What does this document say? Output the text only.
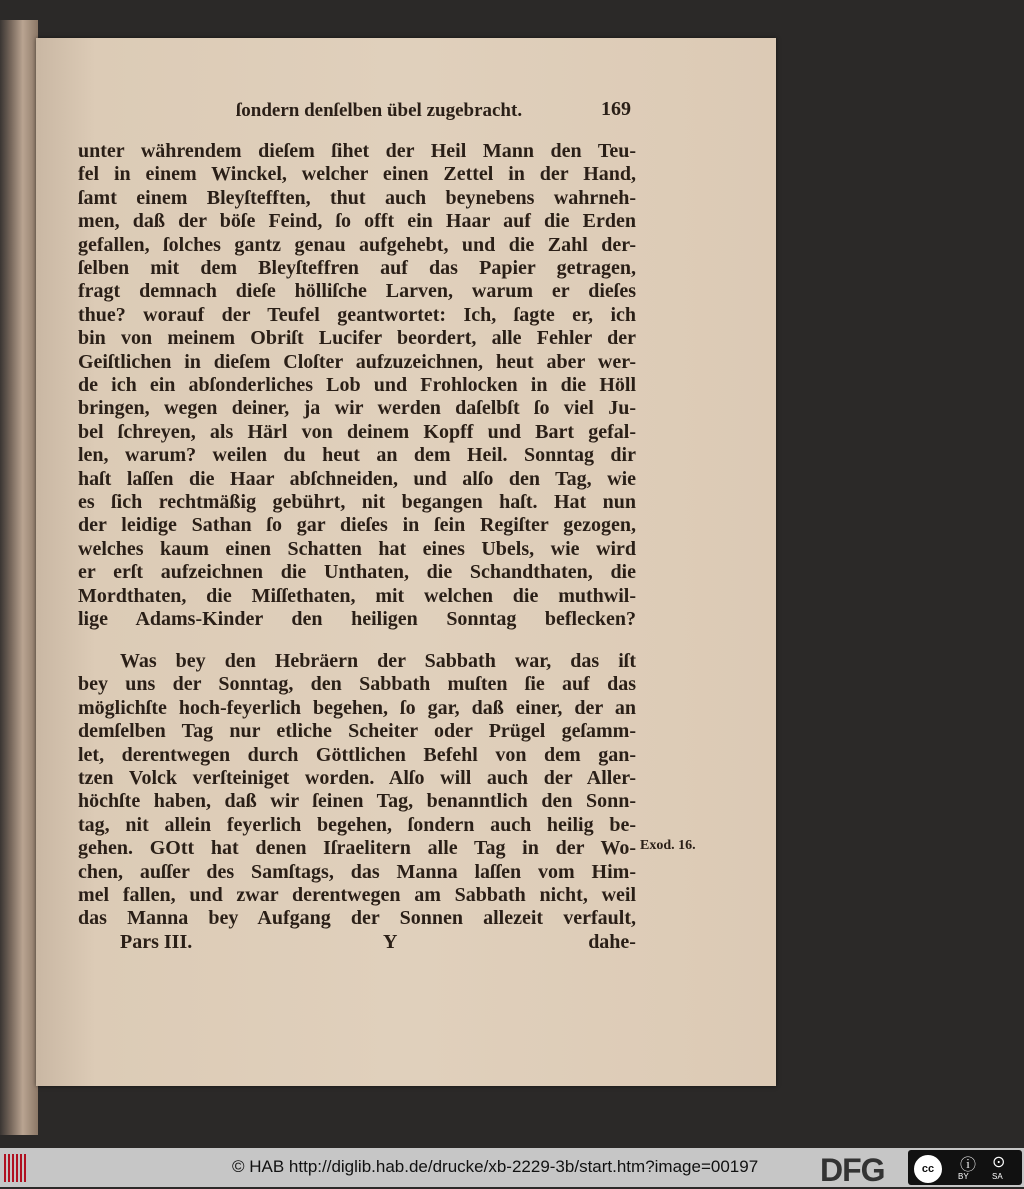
ſondern denſelben übel zugebracht.	169
unter währendem dieſem ſihet der Heil Mann den Teu-
fel in einem Winckel, welcher einen Zettel in der Hand,
ſamt einem Bleyſtefften, thut auch beynebens wahrneh-
men, daß der böſe Feind, ſo offt ein Haar auf die Erden
gefallen, ſolches gantz genau aufgehebt, und die Zahl der-
ſelben mit dem Bleyſteffren auf das Papier getragen,
fragt demnach dieſe hölliſche Larven, warum er dieſes
thue? worauf der Teufel geantwortet: Ich, ſagte er, ich
bin von meinem Obriſt Lucifer beordert, alle Fehler der
Geiſtlichen in dieſem Cloſter aufzuzeichnen, heut aber wer-
de ich ein abſonderliches Lob und Frohlocken in die Höll
bringen, wegen deiner, ja wir werden daſelbſt ſo viel Ju-
bel ſchreyen, als Härl von deinem Kopff und Bart gefal-
len, warum? weilen du heut an dem Heil. Sonntag dir
haſt laſſen die Haar abſchneiden, und alſo den Tag, wie
es ſich rechtmäßig gebührt, nit begangen haſt. Hat nun
der leidige Sathan ſo gar dieſes in ſein Regiſter gezogen,
welches kaum einen Schatten hat eines Ubels, wie wird
er erſt aufzeichnen die Unthaten, die Schandthaten, die
Mordthaten, die Miſſethaten, mit welchen die muthwil-
lige Adams-Kinder den heiligen Sonntag beflecken?
Was bey den Hebräern der Sabbath war, das iſt
bey uns der Sonntag, den Sabbath muſten ſie auf das
möglichſte hoch-feyerlich begehen, ſo gar, daß einer, der an
demſelben Tag nur etliche Scheiter oder Prügel geſamm-
let, derentwegen durch Göttlichen Befehl von dem gan-
tzen Volck verſteiniget worden. Alſo will auch der Aller-
höchſte haben, daß wir ſeinen Tag, benanntlich den Sonn-
tag, nit allein feyerlich begehen, ſondern auch heilig be-
gehen. GOtt hat denen Iſraelitern alle Tag in der Wo-
chen, auſſer des Samſtags, das Manna laſſen vom Him-
mel fallen, und zwar derentwegen am Sabbath nicht, weil
das Manna bey Aufgang der Sonnen allezeit verfault,
Exod. 16.
Pars III.	Y	dahe-
© HAB http://diglib.hab.de/drucke/xb-2229-3b/start.htm?image=00197 DFG	cc	ⓘ
BY
⊙
SA
